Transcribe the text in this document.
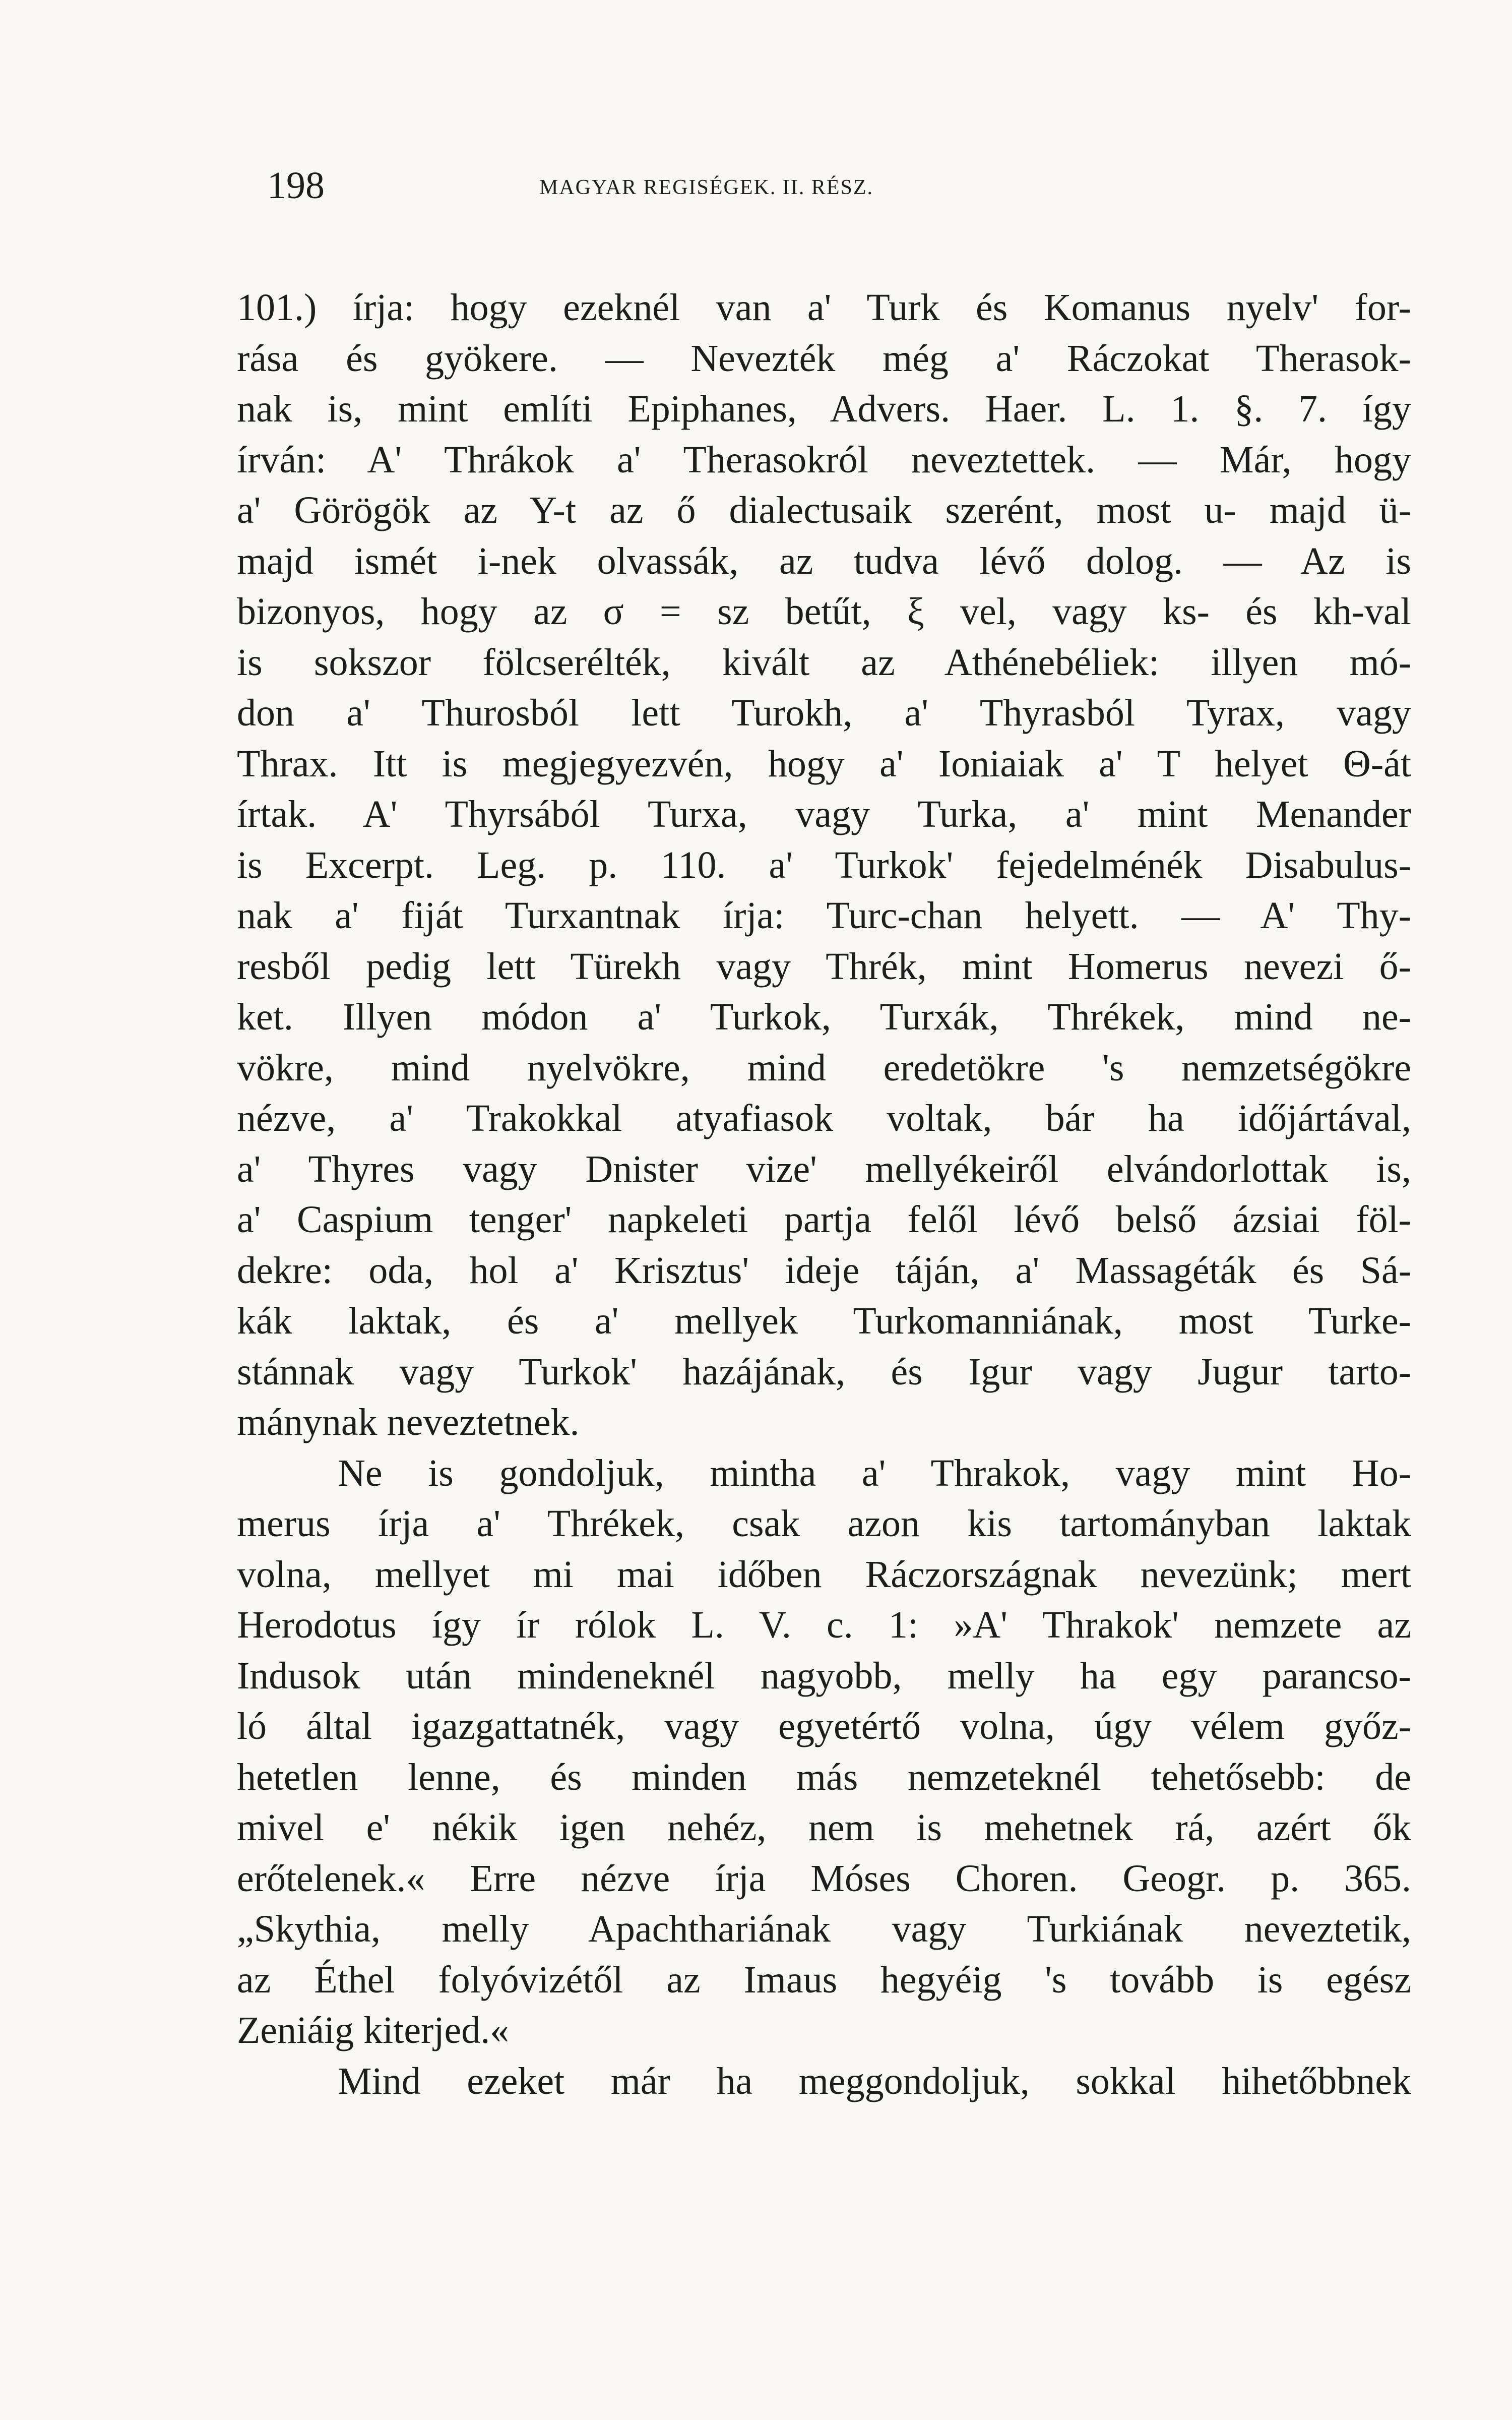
198	MAGYAR REGISÉGEK. II. RÉSZ.
101.) írja: hogy ezeknél van a' Turk és Komanus nyelv' for-
rása és gyökere. — Nevezték még a' Ráczokat Therasok-
nak is, mint említi Epiphanes, Advers. Haer. L. 1. §. 7. így
írván: A' Thrákok a' Therasokról neveztettek. — Már, hogy
a' Görögök az Y-t az ő dialectusaik szerént, most u- majd ü-
majd ismét i-nek olvassák, az tudva lévő dolog. — Az is
bizonyos, hogy az σ = sz betűt, ξ vel, vagy ks- és kh-val
is sokszor fölcserélték, kivált az Athénebéliek: illyen mó-
don a' Thurosból lett Turokh, a' Thyrasból Tyrax, vagy
Thrax. Itt is megjegyezvén, hogy a' Ioniaiak a' T helyet Θ-át
írtak. A' Thyrsából Turxa, vagy Turka, a' mint Menander
is Excerpt. Leg. p. 110. a' Turkok' fejedelménék Disabulus-
nak a' fiját Turxantnak írja: Turc-chan helyett. — A' Thy-
resből pedig lett Türekh vagy Thrék, mint Homerus nevezi ő-
ket. Illyen módon a' Turkok, Turxák, Thrékek, mind ne-
vökre, mind nyelvökre, mind eredetökre 's nemzetségökre
nézve, a' Trakokkal atyafiasok voltak, bár ha időjártával,
a' Thyres vagy Dnister vize' mellyékeiről elvándorlottak is,
a' Caspium tenger' napkeleti partja felől lévő belső ázsiai föl-
dekre: oda, hol a' Krisztus' ideje táján, a' Massagéták és Sá-
kák laktak, és a' mellyek Turkomanniának, most Turke-
stánnak vagy Turkok' hazájának, és Igur vagy Jugur tarto-
mánynak neveztetnek.
Ne is gondoljuk, mintha a' Thrakok, vagy mint Ho-
merus írja a' Thrékek, csak azon kis tartományban laktak
volna, mellyet mi mai időben Ráczországnak nevezünk; mert
Herodotus így ír rólok L. V. c. 1: »A' Thrakok' nemzete az
Indusok után mindeneknél nagyobb, melly ha egy parancso-
ló által igazgattatnék, vagy egyetértő volna, úgy vélem győz-
hetetlen lenne, és minden más nemzeteknél tehetősebb: de
mivel e' nékik igen nehéz, nem is mehetnek rá, azért ők
erőtelenek.« Erre nézve írja Móses Choren. Geogr. p. 365.
„Skythia, melly Apachthariának vagy Turkiának neveztetik,
az Éthel folyóvizétől az Imaus hegyéig 's tovább is egész
Zeniáig kiterjed.«
Mind ezeket már ha meggondoljuk, sokkal hihetőbbnek
